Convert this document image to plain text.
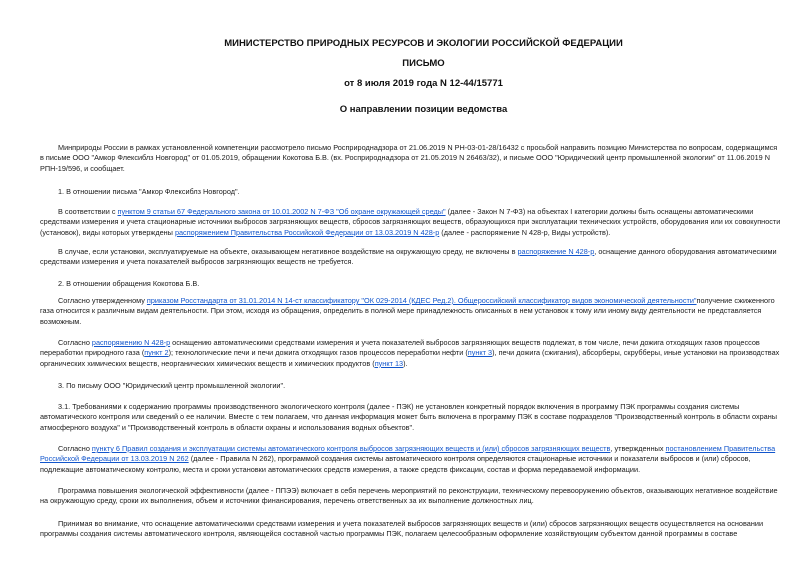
МИНИСТЕРСТВО ПРИРОДНЫХ РЕСУРСОВ И ЭКОЛОГИИ РОССИЙСКОЙ ФЕДЕРАЦИИ
ПИСЬМО
от 8 июля 2019 года N 12-44/15771
О направлении позиции ведомства
Минприроды России в рамках установленной компетенции рассмотрело письмо Росприроднадзора от 21.06.2019 N РН-03-01-28/16432 с просьбой направить позицию Министерства по вопросам, содержащимся
в письме ООО "Амкор Флексиблз Новгород" от 01.05.2019, обращении Кокотова Б.В. (вх. Росприроднадзора от 21.05.2019 N 26463/32), и письме ООО "Юридический центр промышленной экологии" от 11.06.2019 N
РПН-19/596, и сообщает.
1. В отношении письма "Амкор Флексиблз Новгород".
В соответствии с пунктом 9 статьи 67 Федерального закона от 10.01.2002 N 7-ФЗ "Об охране окружающей среды" (далее - Закон N 7-ФЗ) на объектах I категории должны быть оснащены автоматическими
средствами измерения и учета стационарные источники выбросов загрязняющих веществ, сбросов загрязняющих веществ, образующихся при эксплуатации технических устройств, оборудования или их совокупности
(установок), виды которых утверждены распоряжением Правительства Российской Федерации от 13.03.2019 N 428-р (далее - распоряжение N 428-р, Виды устройств).
В случае, если установки, эксплуатируемые на объекте, оказывающем негативное воздействие на окружающую среду, не включены в распоряжение N 428-р, оснащение данного оборудования автоматическими
средствами измерения и учета показателей выбросов загрязняющих веществ не требуется.
2. В отношении обращения Кокотова Б.В.
Согласно утвержденному приказом Росстандарта от 31.01.2014 N 14-ст классификатору "ОК 029-2014 (КДЕС Ред.2). Общероссийский классификатор видов экономической деятельности"получение сжиженного
газа относится к различным видам деятельности. При этом, исходя из обращения, определить в полной мере принадлежность описанных в нем установок к тому или иному виду деятельности не представляется
возможным.
Согласно распоряжению N 428-р оснащению автоматическими средствами измерения и учета показателей выбросов загрязняющих веществ подлежат, в том числе, печи дожига отходящих газов процессов
переработки природного газа (пункт 2); технологические печи и печи дожига отходящих газов процессов переработки нефти (пункт 3), печи дожига (сжигания), абсорберы, скрубберы, иные установки на производствах
органических химических веществ, неорганических химических веществ и химических продуктов (пункт 13).
3. По письму ООО "Юридический центр промышленной экологии".
3.1. Требованиями к содержанию программы производственного экологического контроля (далее - ПЭК) не установлен конкретный порядок включения в программу ПЭК программы создания системы
автоматического контроля или сведений о ее наличии. Вместе с тем полагаем, что данная информация может быть включена в программу ПЭК в составе подразделов "Производственный контроль в области охраны
атмосферного воздуха" и "Производственный контроль в области охраны и использования водных объектов".
Согласно пункту 6 Правил создания и эксплуатации системы автоматического контроля выбросов загрязняющих веществ и (или) сбросов загрязняющих веществ, утвержденных постановлением Правительства
Российской Федерации от 13.03.2019 N 262 (далее - Правила N 262), программой создания системы автоматического контроля определяются стационарные источники и показатели выбросов и (или) сбросов,
подлежащие автоматическому контролю, места и сроки установки автоматических средств измерения, а также средств фиксации, состав и форма передаваемой информации.
Программа повышения экологической эффективности (далее - ППЭЭ) включает в себя перечень мероприятий по реконструкции, техническому перевооружению объектов, оказывающих негативное воздействие
на окружающую среду, сроки их выполнения, объем и источники финансирования, перечень ответственных за их выполнение должностных лиц.
Принимая во внимание, что оснащение автоматическими средствами измерения и учета показателей выбросов загрязняющих веществ и (или) сбросов загрязняющих веществ осуществляется на основании
программы создания системы автоматического контроля, являющейся составной частью программы ПЭК, полагаем целесообразным оформление хозяйствующим субъектом данной программы в составе
